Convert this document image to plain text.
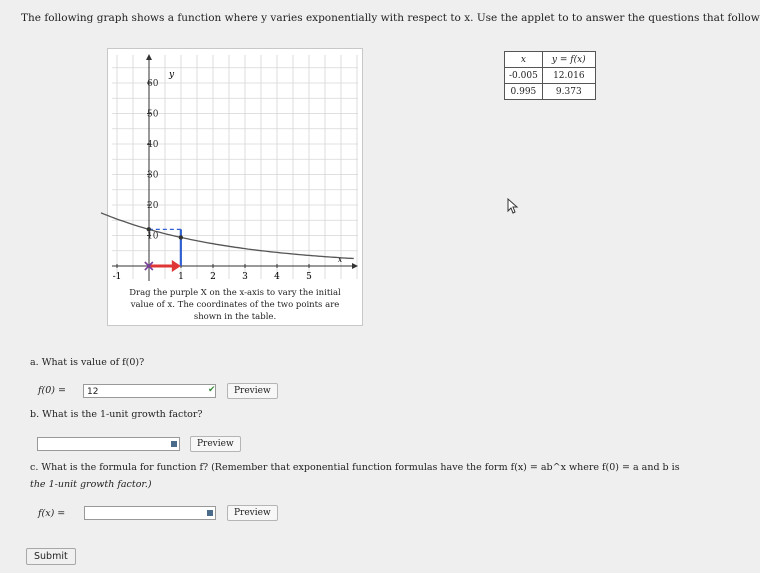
The following graph shows a function where y varies exponentially with respect to x. Use the applet to to answer the questions that follow
-1	1	2	3	4	5
10
20
30
40
50
60
x
y
Drag the purple X on the x-axis to vary the initial
value of x. The coordinates of the two points are
shown in the table.
x	y = f(x)
-0.005	12.016
0.995	9.373
a. What is value of f(0)?
f(0) =	12	✔	Preview
b. What is the 1-unit growth factor?
Preview
c. What is the formula for function f? (Remember that exponential function formulas have the form f(x) = ab^x where f(0) = a and b is
the 1-unit growth factor.)
f(x) =	Preview
Submit
